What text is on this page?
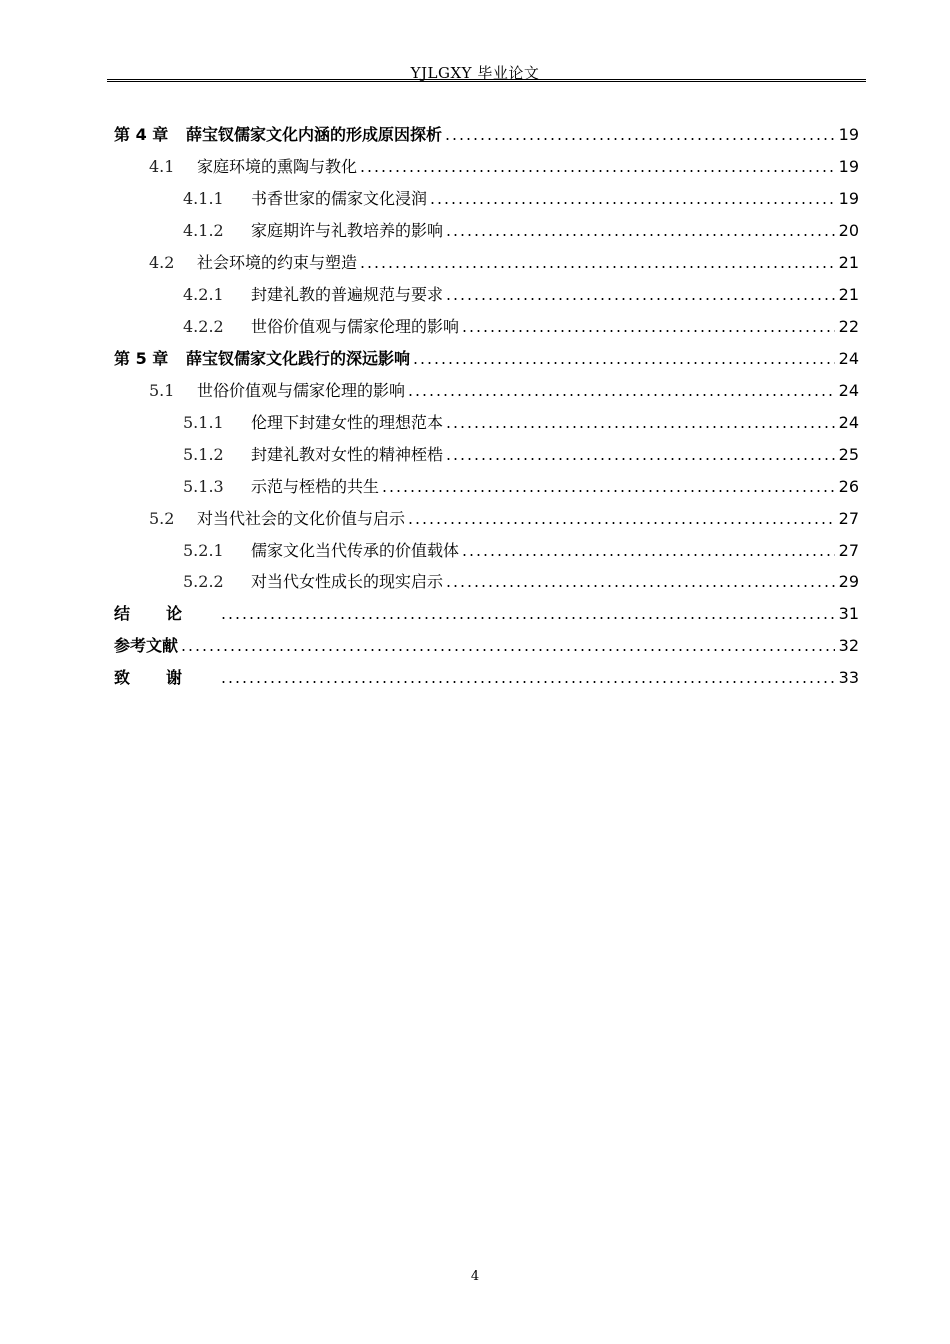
YJLGXY 毕业论文
第 4 章	薛宝钗儒家文化内涵的形成原因探析	19
4.1	家庭环境的熏陶与教化	19
4.1.1	书香世家的儒家文化浸润	19
4.1.2	家庭期许与礼教培养的影响	20
4.2	社会环境的约束与塑造	21
4.2.1	封建礼教的普遍规范与要求	21
4.2.2	世俗价值观与儒家伦理的影响	22
第 5 章	薛宝钗儒家文化践行的深远影响	24
5.1	世俗价值观与儒家伦理的影响	24
5.1.1	伦理下封建女性的理想范本	24
5.1.2	封建礼教对女性的精神桎梏	25
5.1.3	示范与桎梏的共生	26
5.2	对当代社会的文化价值与启示	27
5.2.1	儒家文化当代传承的价值载体	27
5.2.2	对当代女性成长的现实启示	29
结论	31
参考文献	32
致谢	33
4
